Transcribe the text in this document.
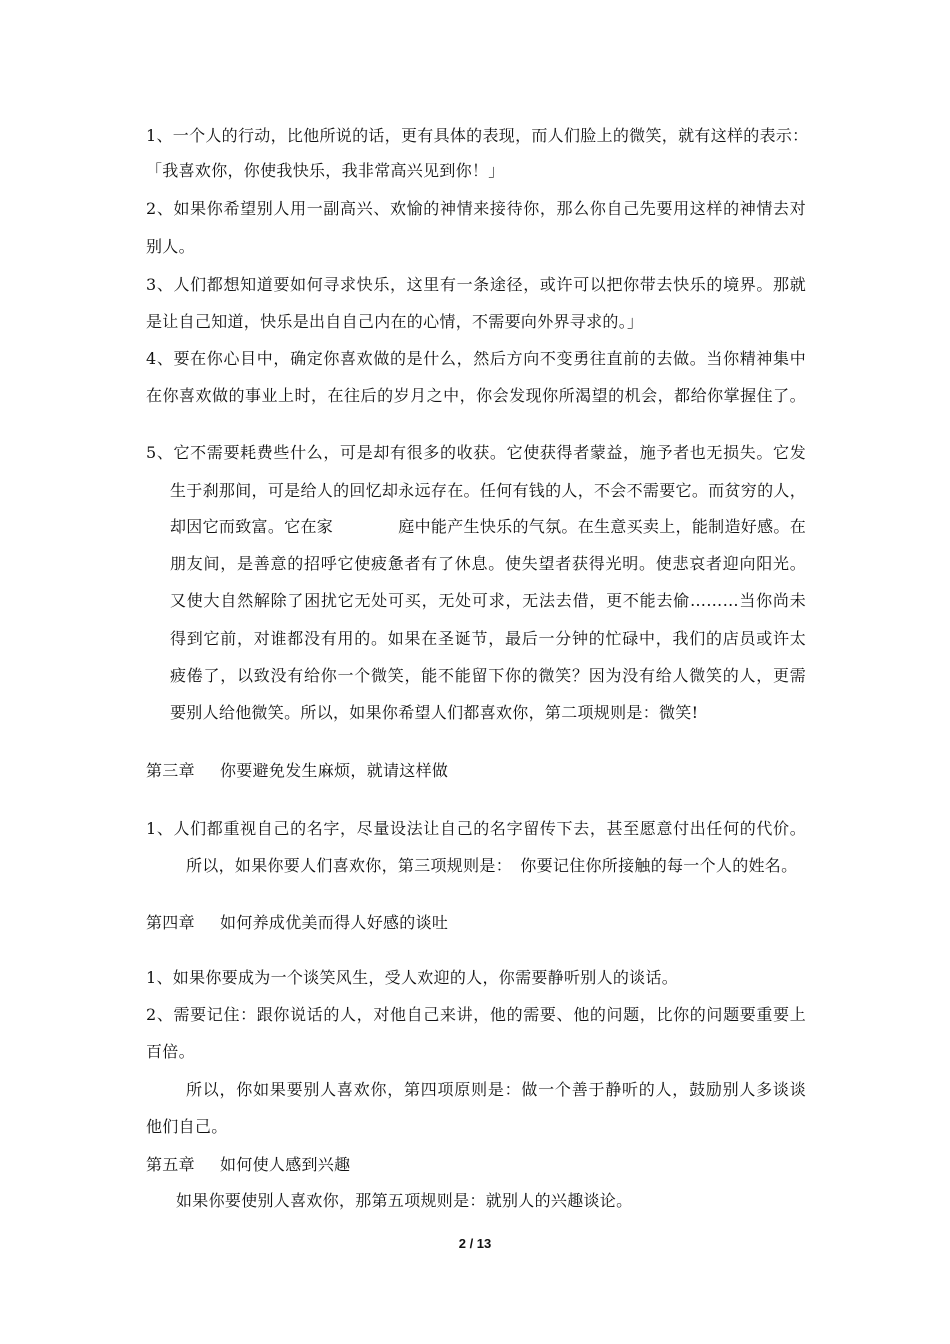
1、一个人的行动，比他所说的话，更有具体的表现，而人们脸上的微笑，就有这样的表示：
「我喜欢你，你使我快乐，我非常高兴见到你！」
2、如果你希望别人用一副高兴、欢愉的神情来接待你，那么你自己先要用这样的神情去对
别人。
3、人们都想知道要如何寻求快乐，这里有一条途径，或许可以把你带去快乐的境界。那就
是让自己知道，快乐是出自自己内在的心情，不需要向外界寻求的。」
4、要在你心目中，确定你喜欢做的是什么，然后方向不变勇往直前的去做。当你精神集中
在你喜欢做的事业上时，在往后的岁月之中，你会发现你所渴望的机会，都给你掌握住了。
5、它不需要耗费些什么，可是却有很多的收获。它使获得者蒙益，施予者也无损失。它发
生于刹那间，可是给人的回忆却永远存在。任何有钱的人，不会不需要它。而贫穷的人，
却因它而致富。它在家　　　　庭中能产生快乐的气氛。在生意买卖上，能制造好感。在
朋友间，是善意的招呼它使疲惫者有了休息。使失望者获得光明。使悲哀者迎向阳光。
又使大自然解除了困扰它无处可买，无处可求，无法去借，更不能去偷………当你尚未
得到它前，对谁都没有用的。如果在圣诞节，最后一分钟的忙碌中，我们的店员或许太
疲倦了，以致没有给你一个微笑，能不能留下你的微笑？因为没有给人微笑的人，更需
要别人给他微笑。所以，如果你希望人们都喜欢你，第二项规则是：微笑!
第三章 你要避免发生麻烦，就请这样做
1、人们都重视自己的名字，尽量设法让自己的名字留传下去，甚至愿意付出任何的代价。
所以，如果你要人们喜欢你，第三项规则是：　你要记住你所接触的每一个人的姓名。
第四章 如何养成优美而得人好感的谈吐
1、如果你要成为一个谈笑风生，受人欢迎的人，你需要静听别人的谈话。
2、需要记住：跟你说话的人，对他自己来讲，他的需要、他的问题，比你的问题要重要上
百倍。
所以，你如果要别人喜欢你，第四项原则是：做一个善于静听的人，鼓励别人多谈谈
他们自己。
第五章 如何使人感到兴趣
如果你要使别人喜欢你，那第五项规则是：就别人的兴趣谈论。
2 / 13
